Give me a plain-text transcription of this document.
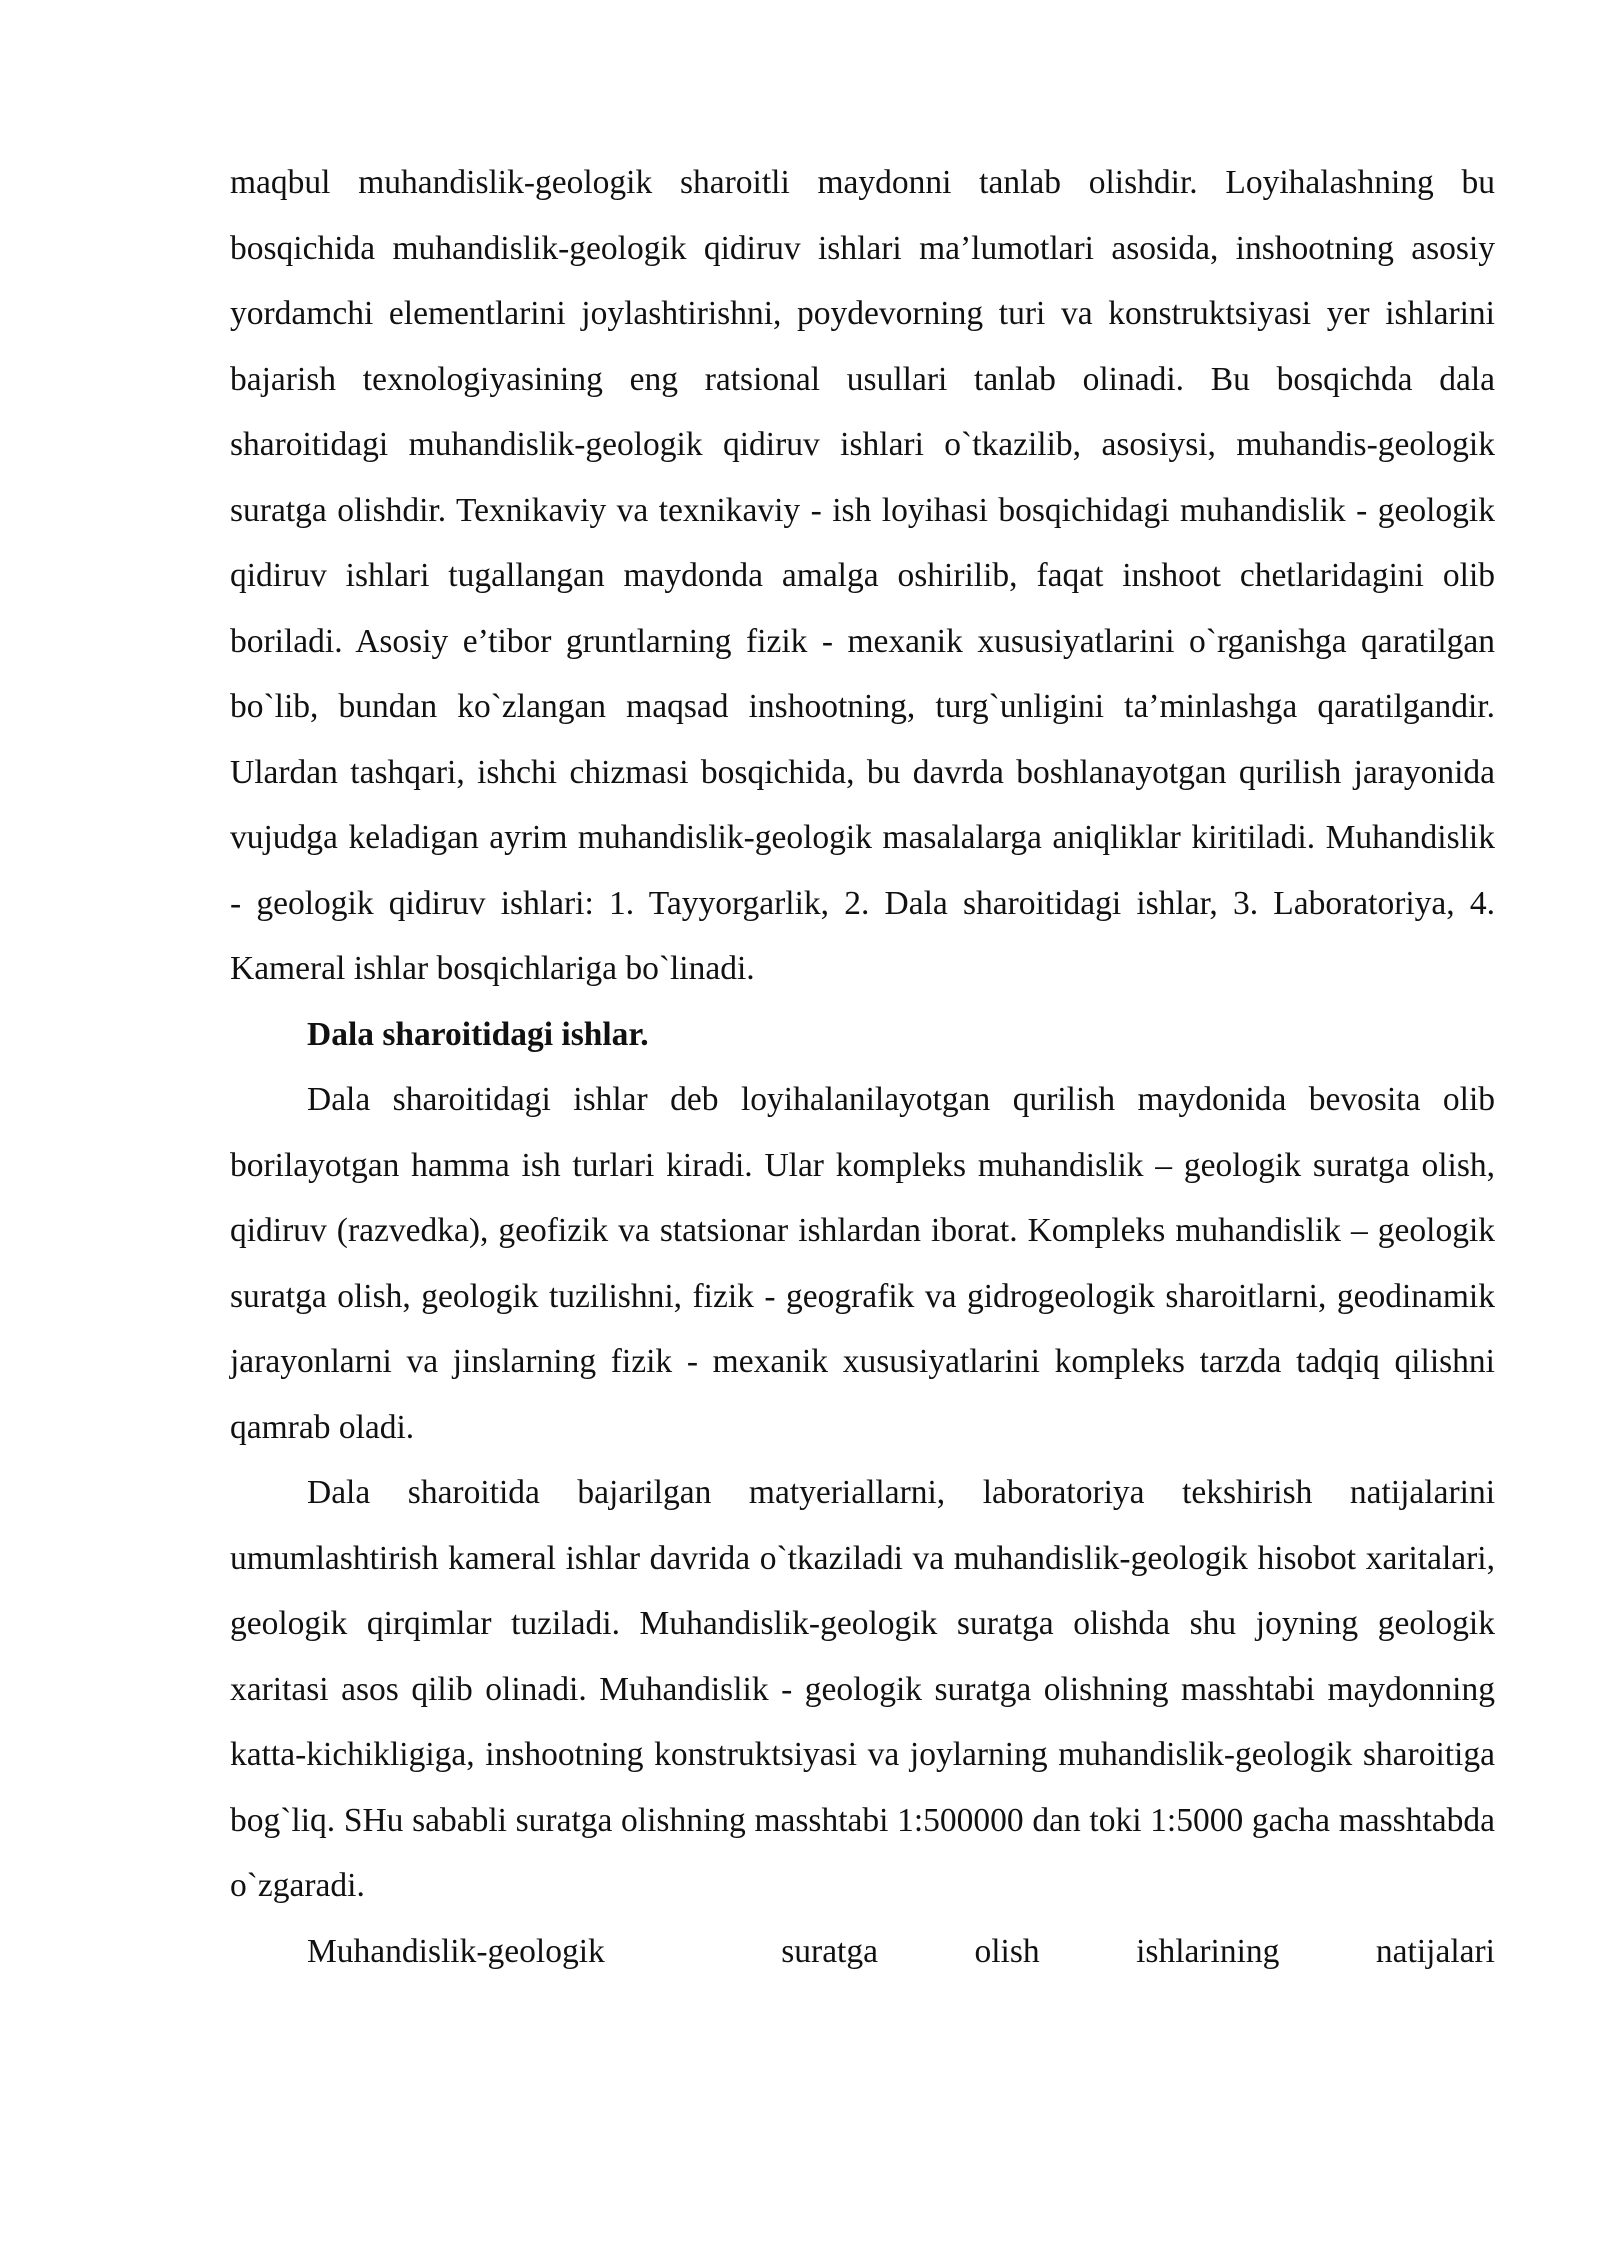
maqbul muhandislik-geologik sharoitli maydonni tanlab olishdir. Loyihalashning bu bosqichida muhandislik-geologik qidiruv ishlari ma’lumotlari asosida, inshootning asosiy yordamchi elementlarini joylashtirishni, poydevorning turi va konstruktsiyasi yer ishlarini bajarish texnologiyasining eng ratsional usullari tanlab olinadi. Bu bosqichda dala sharoitidagi muhandislik-geologik qidiruv ishlari o`tkazilib, asosiysi, muhandis-geologik suratga olishdir. Texnikaviy va texnikaviy - ish loyihasi bosqichidagi muhandislik - geologik qidiruv ishlari tugallangan maydonda amalga oshirilib, faqat inshoot chetlaridagini olib boriladi. Asosiy e’tibor gruntlarning fizik - mexanik xususiyatlarini o`rganishga qaratilgan bo`lib, bundan ko`zlangan maqsad inshootning, turg`unligini ta’minlashga qaratilgandir. Ulardan tashqari, ishchi chizmasi bosqichida, bu davrda boshlanayotgan qurilish jarayonida vujudga keladigan ayrim muhandislik-geologik masalalarga aniqliklar kiritiladi. Muhandislik - geologik qidiruv ishlari: 1. Tayyorgarlik, 2. Dala sharoitidagi ishlar, 3. Laboratoriya, 4. Kameral ishlar bosqichlariga bo`linadi.

Dala sharoitidagi ishlar.

Dala sharoitidagi ishlar deb loyihalanilayotgan qurilish maydonida bevosita olib borilayotgan hamma ish turlari kiradi. Ular kompleks muhandislik – geologik suratga olish, qidiruv (razvedka), geofizik va statsionar ishlardan iborat. Kompleks muhandislik – geologik suratga olish, geologik tuzilishni, fizik - geografik va gidrogeologik sharoitlarni, geodinamik jarayonlarni va jinslarning fizik - mexanik xususiyatlarini kompleks tarzda tadqiq qilishni qamrab oladi.

Dala sharoitida bajarilgan matyeriallarni, laboratoriya tekshirish natijalarini umumlashtirish kameral ishlar davrida o`tkaziladi va muhandislik-geologik hisobot xaritalari, geologik qirqimlar tuziladi. Muhandislik-geologik suratga olishda shu joyning geologik xaritasi asos qilib olinadi. Muhandislik - geologik suratga olishning masshtabi maydonning katta-kichikligiga, inshootning konstruktsiyasi va joylarning muhandislik-geologik sharoitiga bog`liq. SHu sababli suratga olishning masshtabi 1:500000 dan toki 1:5000 gacha masshtabda o`zgaradi.

Muhandislik-geologik	suratga	olish	ishlarining	natijalari
